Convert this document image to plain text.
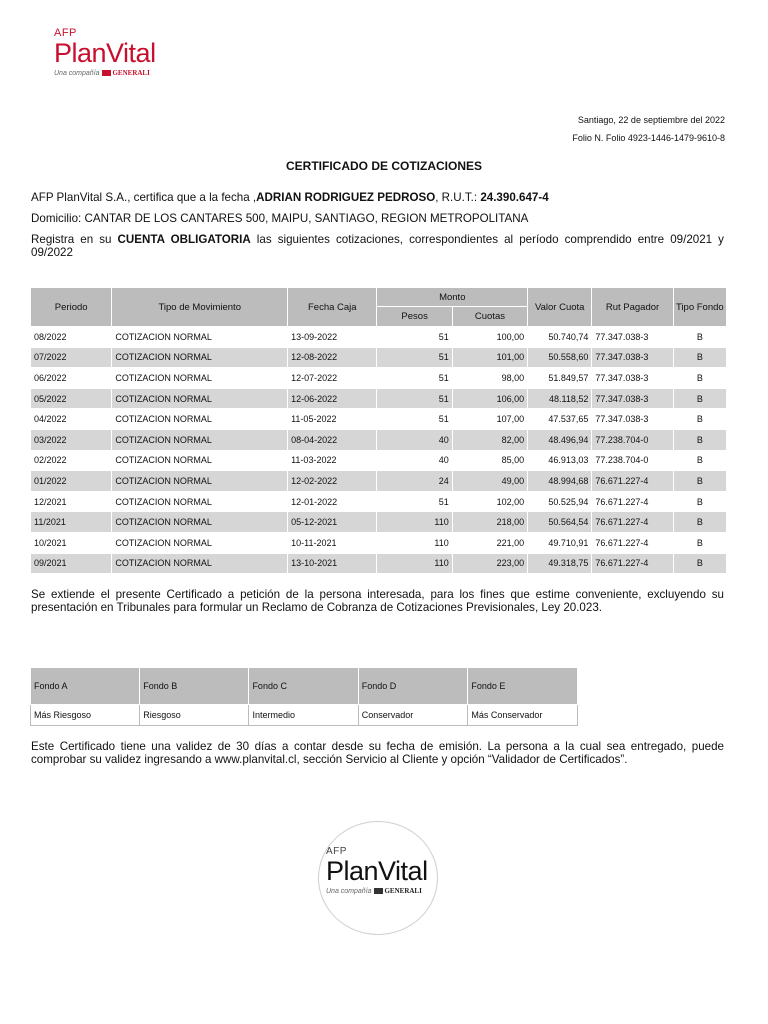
AFP
PlanVital
Una compañía GENERALI
Santiago, 22 de septiembre del 2022
Folio N. Folio 4923-1446-1479-9610-8
CERTIFICADO DE COTIZACIONES
AFP PlanVital S.A., certifica que a la fecha ,ADRIAN RODRIGUEZ PEDROSO, R.U.T.: 24.390.647-4
Domicilio: CANTAR DE LOS CANTARES 500, MAIPU, SANTIAGO, REGION METROPOLITANA
Registra en su CUENTA OBLIGATORIA las siguientes cotizaciones, correspondientes al período comprendido entre 09/2021 y 09/2022
Periodo	Tipo de Movimiento	Fecha Caja	Monto		Valor Cuota	Rut Pagador	Tipo Fondo
			Pesos	Cuotas			
08/2022	COTIZACION NORMAL	13-09-2022	51	100,00	50.740,74	77.347.038-3	B
07/2022	COTIZACION NORMAL	12-08-2022	51	101,00	50.558,60	77.347.038-3	B
06/2022	COTIZACION NORMAL	12-07-2022	51	98,00	51.849,57	77.347.038-3	B
05/2022	COTIZACION NORMAL	12-06-2022	51	106,00	48.118,52	77.347.038-3	B
04/2022	COTIZACION NORMAL	11-05-2022	51	107,00	47.537,65	77.347.038-3	B
03/2022	COTIZACION NORMAL	08-04-2022	40	82,00	48.496,94	77.238.704-0	B
02/2022	COTIZACION NORMAL	11-03-2022	40	85,00	46.913,03	77.238.704-0	B
01/2022	COTIZACION NORMAL	12-02-2022	24	49,00	48.994,68	76.671.227-4	B
12/2021	COTIZACION NORMAL	12-01-2022	51	102,00	50.525,94	76.671.227-4	B
11/2021	COTIZACION NORMAL	05-12-2021	110	218,00	50.564,54	76.671.227-4	B
10/2021	COTIZACION NORMAL	10-11-2021	110	221,00	49.710,91	76.671.227-4	B
09/2021	COTIZACION NORMAL	13-10-2021	110	223,00	49.318,75	76.671.227-4	B
Se extiende el presente Certificado a petición de la persona interesada, para los fines que estime conveniente, excluyendo su presentación en Tribunales para formular un Reclamo de Cobranza de Cotizaciones Previsionales, Ley 20.023.
Fondo A	Fondo B	Fondo C	Fondo D	Fondo E
Más Riesgoso	Riesgoso	Intermedio	Conservador	Más Conservador
Este Certificado tiene una validez de 30 días a contar desde su fecha de emisión. La persona a la cual sea entregado, puede comprobar su validez ingresando a www.planvital.cl, sección Servicio al Cliente y opción “Validador de Certificados”.
AFP
PlanVital
Una compañía GENERALI
